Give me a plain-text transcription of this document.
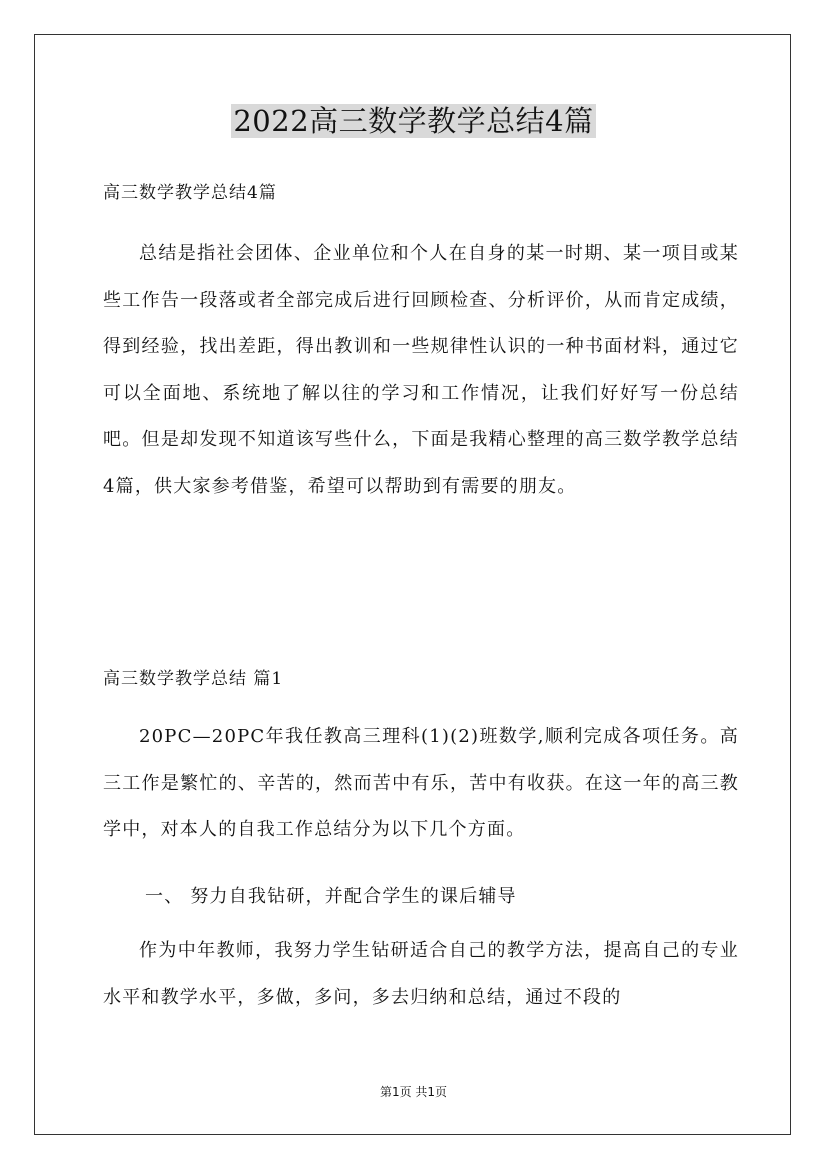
2022高三数学教学总结4篇
高三数学教学总结4篇

总结是指社会团体、企业单位和个人在自身的某一时期、某一项目或某些工作告一段落或者全部完成后进行回顾检查、分析评价，从而肯定成绩，得到经验，找出差距，得出教训和一些规律性认识的一种书面材料，通过它可以全面地、系统地了解以往的学习和工作情况，让我们好好写一份总结吧。但是却发现不知道该写些什么，下面是我精心整理的高三数学教学总结4篇，供大家参考借鉴，希望可以帮助到有需要的朋友。

高三数学教学总结 篇1

20PC—20PC年我任教高三理科(1)(2)班数学,顺利完成各项任务。高三工作是繁忙的、辛苦的，然而苦中有乐，苦中有收获。在这一年的高三教学中，对本人的自我工作总结分为以下几个方面。

一、 努力自我钻研，并配合学生的课后辅导

作为中年教师，我努力学生钻研适合自己的教学方法，提高自己的专业水平和教学水平，多做，多问，多去归纳和总结，通过不段的

第1页 共1页
